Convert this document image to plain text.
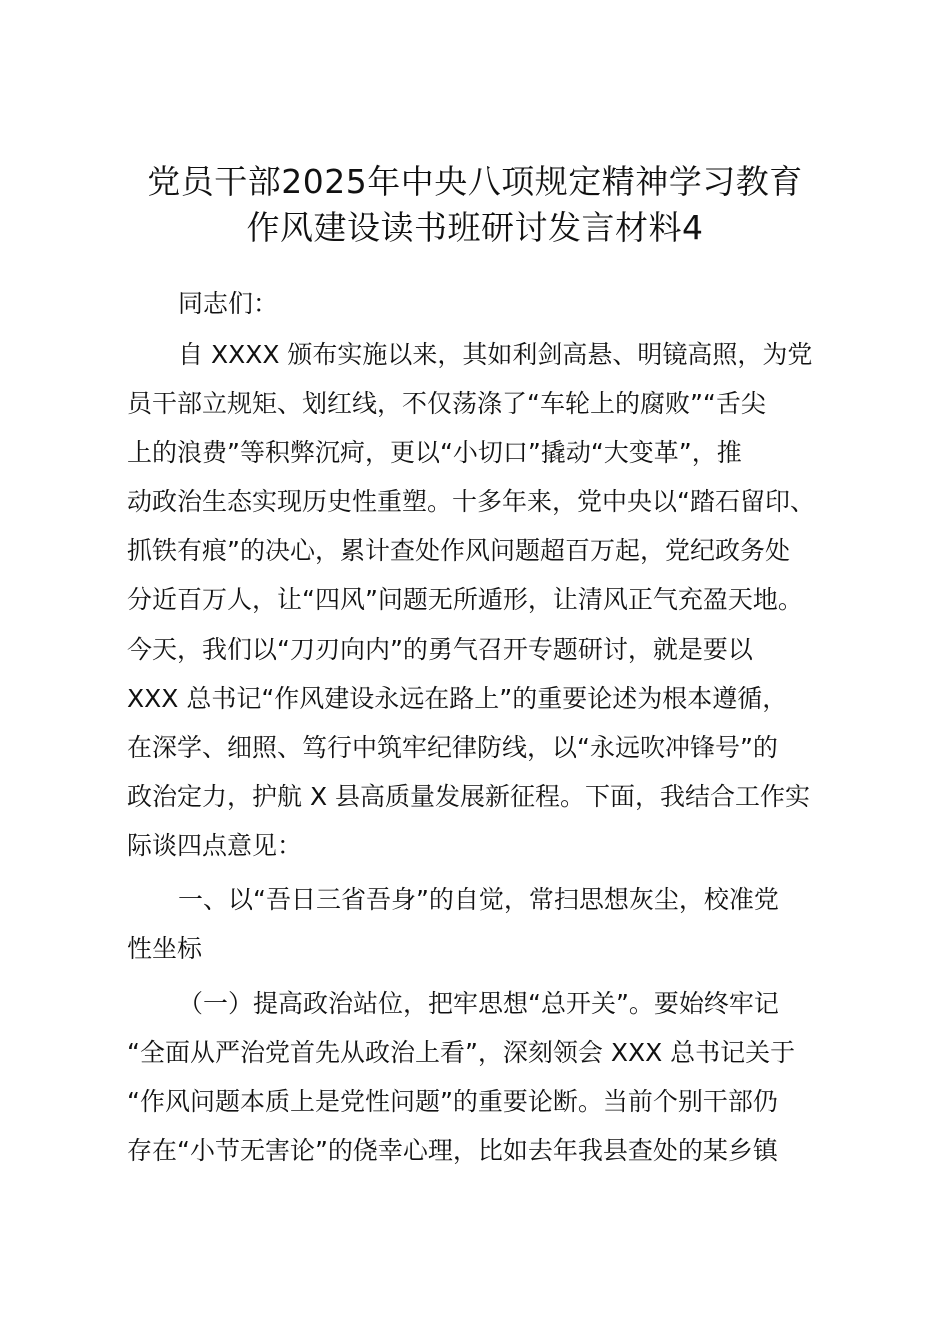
党员干部2025年中央八项规定精神学习教育
作风建设读书班研讨发言材料4
同志们：
自 XXXX 颁布实施以来，其如利剑高悬、明镜高照，为党
员干部立规矩、划红线，不仅荡涤了“车轮上的腐败”“舌尖
上的浪费”等积弊沉疴，更以“小切口”撬动“大变革”，推
动政治生态实现历史性重塑。十多年来，党中央以“踏石留印、
抓铁有痕”的决心，累计查处作风问题超百万起，党纪政务处
分近百万人，让“四风”问题无所遁形，让清风正气充盈天地。
今天，我们以“刀刃向内”的勇气召开专题研讨，就是要以
XXX 总书记“作风建设永远在路上”的重要论述为根本遵循，
在深学、细照、笃行中筑牢纪律防线，以“永远吹冲锋号”的
政治定力，护航 X 县高质量发展新征程。下面，我结合工作实
际谈四点意见：
一、以“吾日三省吾身”的自觉，常扫思想灰尘，校准党
性坐标
（一）提高政治站位，把牢思想“总开关”。要始终牢记
“全面从严治党首先从政治上看”，深刻领会 XXX 总书记关于
“作风问题本质上是党性问题”的重要论断。当前个别干部仍
存在“小节无害论”的侥幸心理，比如去年我县查处的某乡镇
